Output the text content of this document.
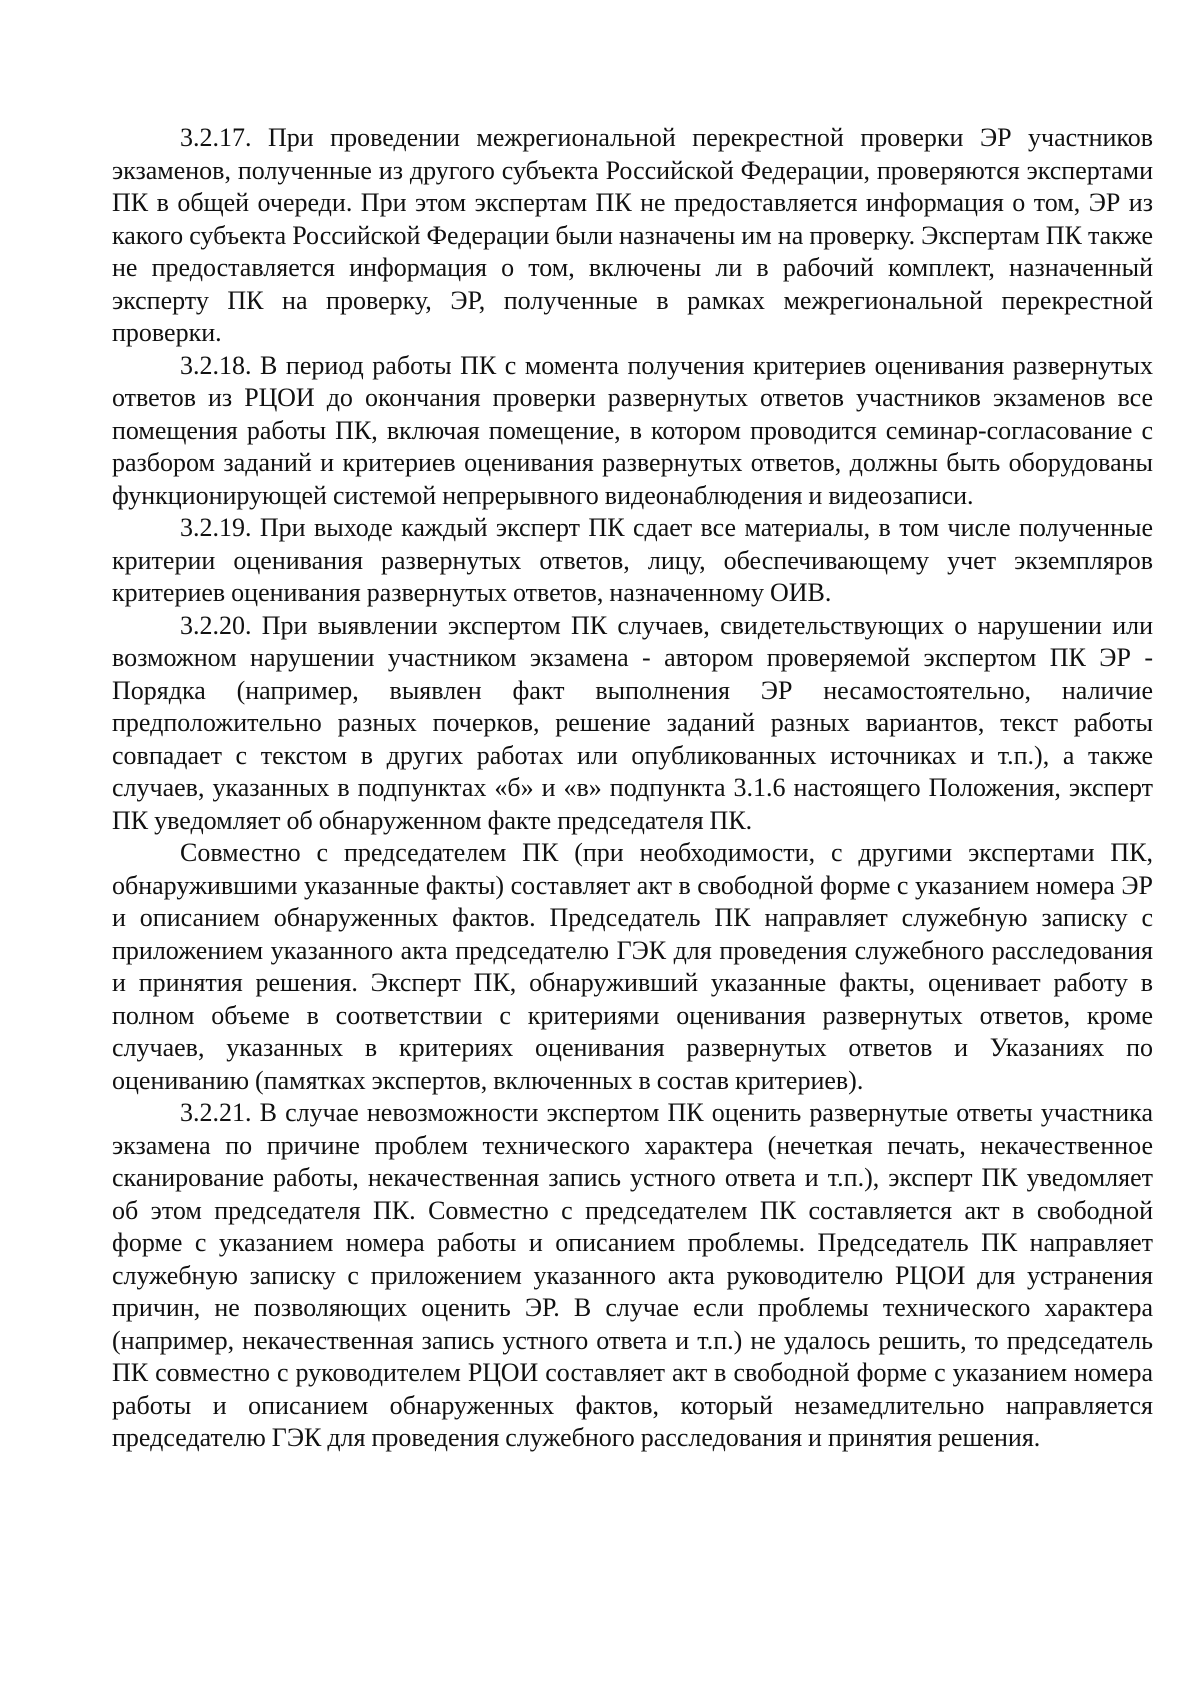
3.2.17. При проведении межрегиональной перекрестной проверки ЭР участников экзаменов, полученные из другого субъекта Российской Федерации, проверяются экспертами ПК в общей очереди. При этом экспертам ПК не предоставляется информация о том, ЭР из какого субъекта Российской Федерации были назначены им на проверку. Экспертам ПК также не предоставляется информация о том, включены ли в рабочий комплект, назначенный эксперту ПК на проверку, ЭР, полученные в рамках межрегиональной перекрестной проверки.

3.2.18. В период работы ПК с момента получения критериев оценивания развернутых ответов из РЦОИ до окончания проверки развернутых ответов участников экзаменов все помещения работы ПК, включая помещение, в котором проводится семинар-согласование с разбором заданий и критериев оценивания развернутых ответов, должны быть оборудованы функционирующей системой непрерывного видеонаблюдения и видеозаписи.

3.2.19. При выходе каждый эксперт ПК сдает все материалы, в том числе полученные критерии оценивания развернутых ответов, лицу, обеспечивающему учет экземпляров критериев оценивания развернутых ответов, назначенному ОИВ.

3.2.20. При выявлении экспертом ПК случаев, свидетельствующих о нарушении или возможном нарушении участником экзамена - автором проверяемой экспертом ПК ЭР - Порядка (например, выявлен факт выполнения ЭР несамостоятельно, наличие предположительно разных почерков, решение заданий разных вариантов, текст работы совпадает с текстом в других работах или опубликованных источниках и т.п.), а также случаев, указанных в подпунктах «б» и «в» подпункта 3.1.6 настоящего Положения, эксперт ПК уведомляет об обнаруженном факте председателя ПК.

Совместно с председателем ПК (при необходимости, с другими экспертами ПК, обнаружившими указанные факты) составляет акт в свободной форме с указанием номера ЭР и описанием обнаруженных фактов. Председатель ПК направляет служебную записку с приложением указанного акта председателю ГЭК для проведения служебного расследования и принятия решения. Эксперт ПК, обнаруживший указанные факты, оценивает работу в полном объеме в соответствии с критериями оценивания развернутых ответов, кроме случаев, указанных в критериях оценивания развернутых ответов и Указаниях по оцениванию (памятках экспертов, включенных в состав критериев).

3.2.21. В случае невозможности экспертом ПК оценить развернутые ответы участника экзамена по причине проблем технического характера (нечеткая печать, некачественное сканирование работы, некачественная запись устного ответа и т.п.), эксперт ПК уведомляет об этом председателя ПК. Совместно с председателем ПК составляется акт в свободной форме с указанием номера работы и описанием проблемы. Председатель ПК направляет служебную записку с приложением указанного акта руководителю РЦОИ для устранения причин, не позволяющих оценить ЭР. В случае если проблемы технического характера (например, некачественная запись устного ответа и т.п.) не удалось решить, то председатель ПК совместно с руководителем РЦОИ составляет акт в свободной форме с указанием номера работы и описанием обнаруженных фактов, который незамедлительно направляется председателю ГЭК для проведения служебного расследования и принятия решения.
